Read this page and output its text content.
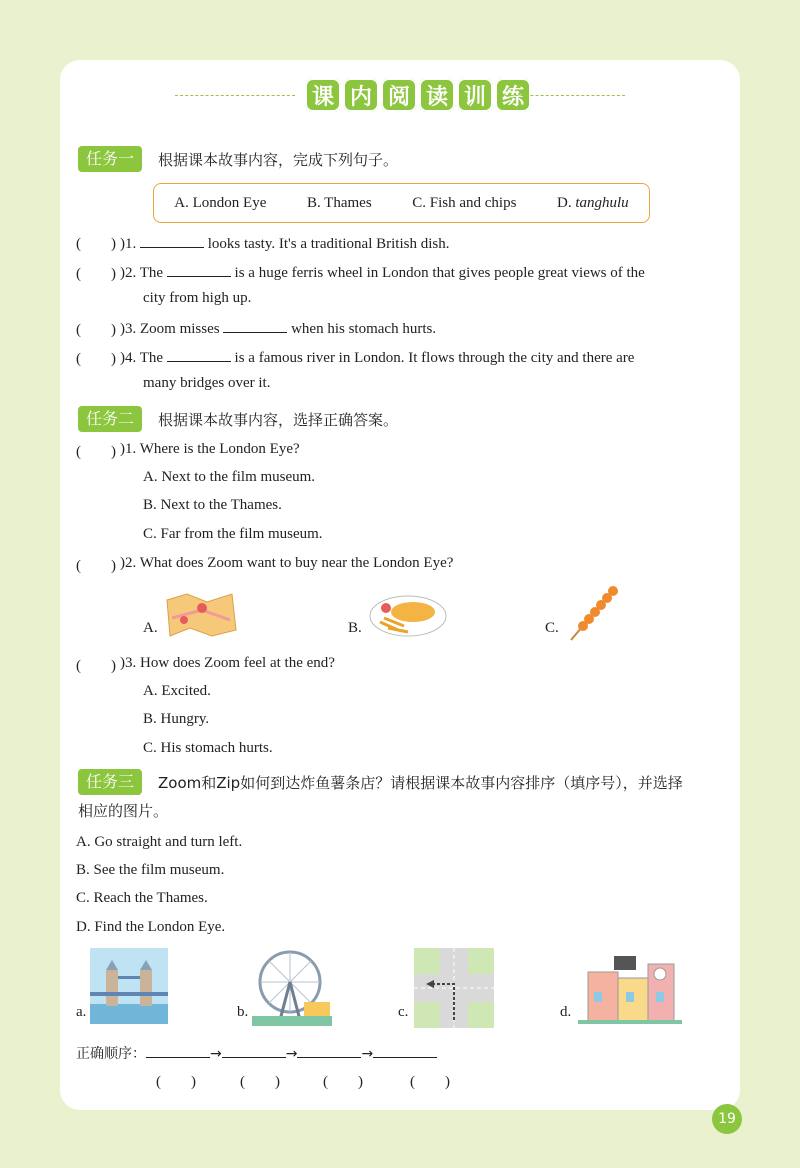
课 内 阅 读 训 练
任务一	根据课本故事内容，完成下列句子。
A. London Eye	B. Thames	C. Fish and chips	D. tanghulu
(　　) )1.	looks tasty. It's a traditional British dish.
(　　) )2. The	is a huge ferris wheel in London that gives people great views of the
city from high up.
(　　) )3. Zoom misses	when his stomach hurts.
(　　) )4. The	is a famous river in London. It flows through the city and there are
many bridges over it.
任务二	根据课本故事内容，选择正确答案。
(　　) )1. Where is the London Eye?
A. Next to the film museum.
B. Next to the Thames.
C. Far from the film museum.
(　　) )2. What does Zoom want to buy near the London Eye?
A.	B.	C.
(　　) )3. How does Zoom feel at the end?
A. Excited.
B. Hungry.
C. His stomach hurts.
任务三	Zoom和Zip如何到达炸鱼薯条店？请根据课本故事内容排序（填序号），并选择
相应的图片。
A. Go straight and turn left.
B. See the film museum.
C. Reach the Thames.
D. Find the London Eye.
a.	b.	c.	d.
正确顺序：	→	→	→
(　　)	(　　)	(　　)	(　　)
19
